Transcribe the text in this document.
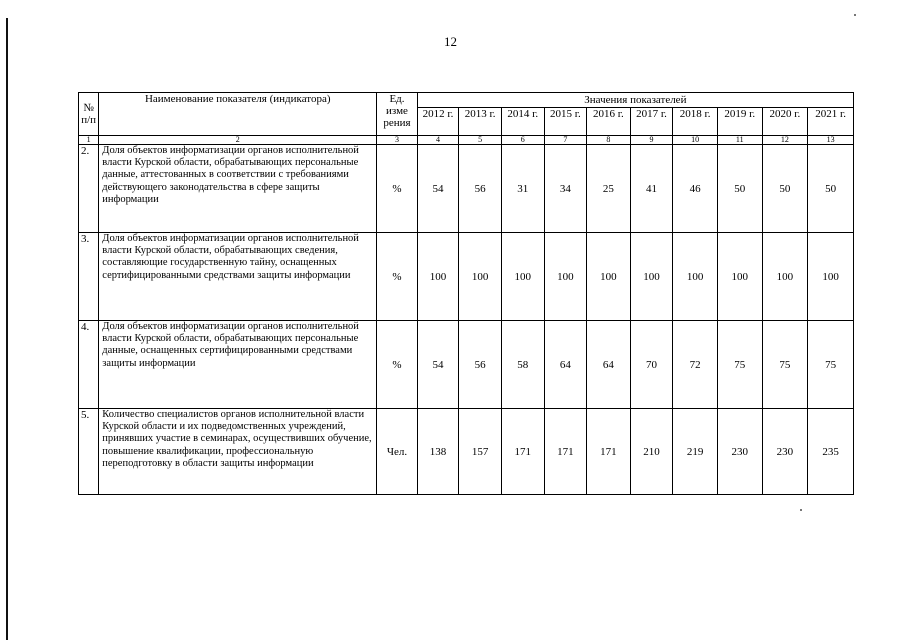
12
№ п/п	Наименование показателя (индикатора)	Ед. изме рения	Значения показателей									
			2012 г.	2013 г.	2014 г.	2015 г.	2016 г.	2017 г.	2018 г.	2019 г.	2020 г.	2021 г.
1	2	3	4	5	6	7	8	9	10	11	12	13
2.	Доля объектов информатизации органов исполнительной власти Курской области, обрабатывающих персональные данные, аттестованных в соответствии с требованиями действующего законодательства в сфере защиты информации	%	54	56	31	34	25	41	46	50	50	50
3.	Доля объектов информатизации органов исполнительной власти Курской области, обрабатывающих сведения, составляющие государственную тайну, оснащенных сертифицированными средствами защиты информации	%	100	100	100	100	100	100	100	100	100	100
4.	Доля объектов информатизации органов исполнительной власти Курской области, обрабатывающих персональные данные, оснащенных сертифицированными средствами защиты информации	%	54	56	58	64	64	70	72	75	75	75
5.	Количество специалистов органов исполнительной власти Курской области и их подведомственных учреждений, принявших участие в семинарах, осуществивших обучение, повышение квалификации, профессиональную переподготовку в области защиты информации	Чел.	138	157	171	171	171	210	219	230	230	235
